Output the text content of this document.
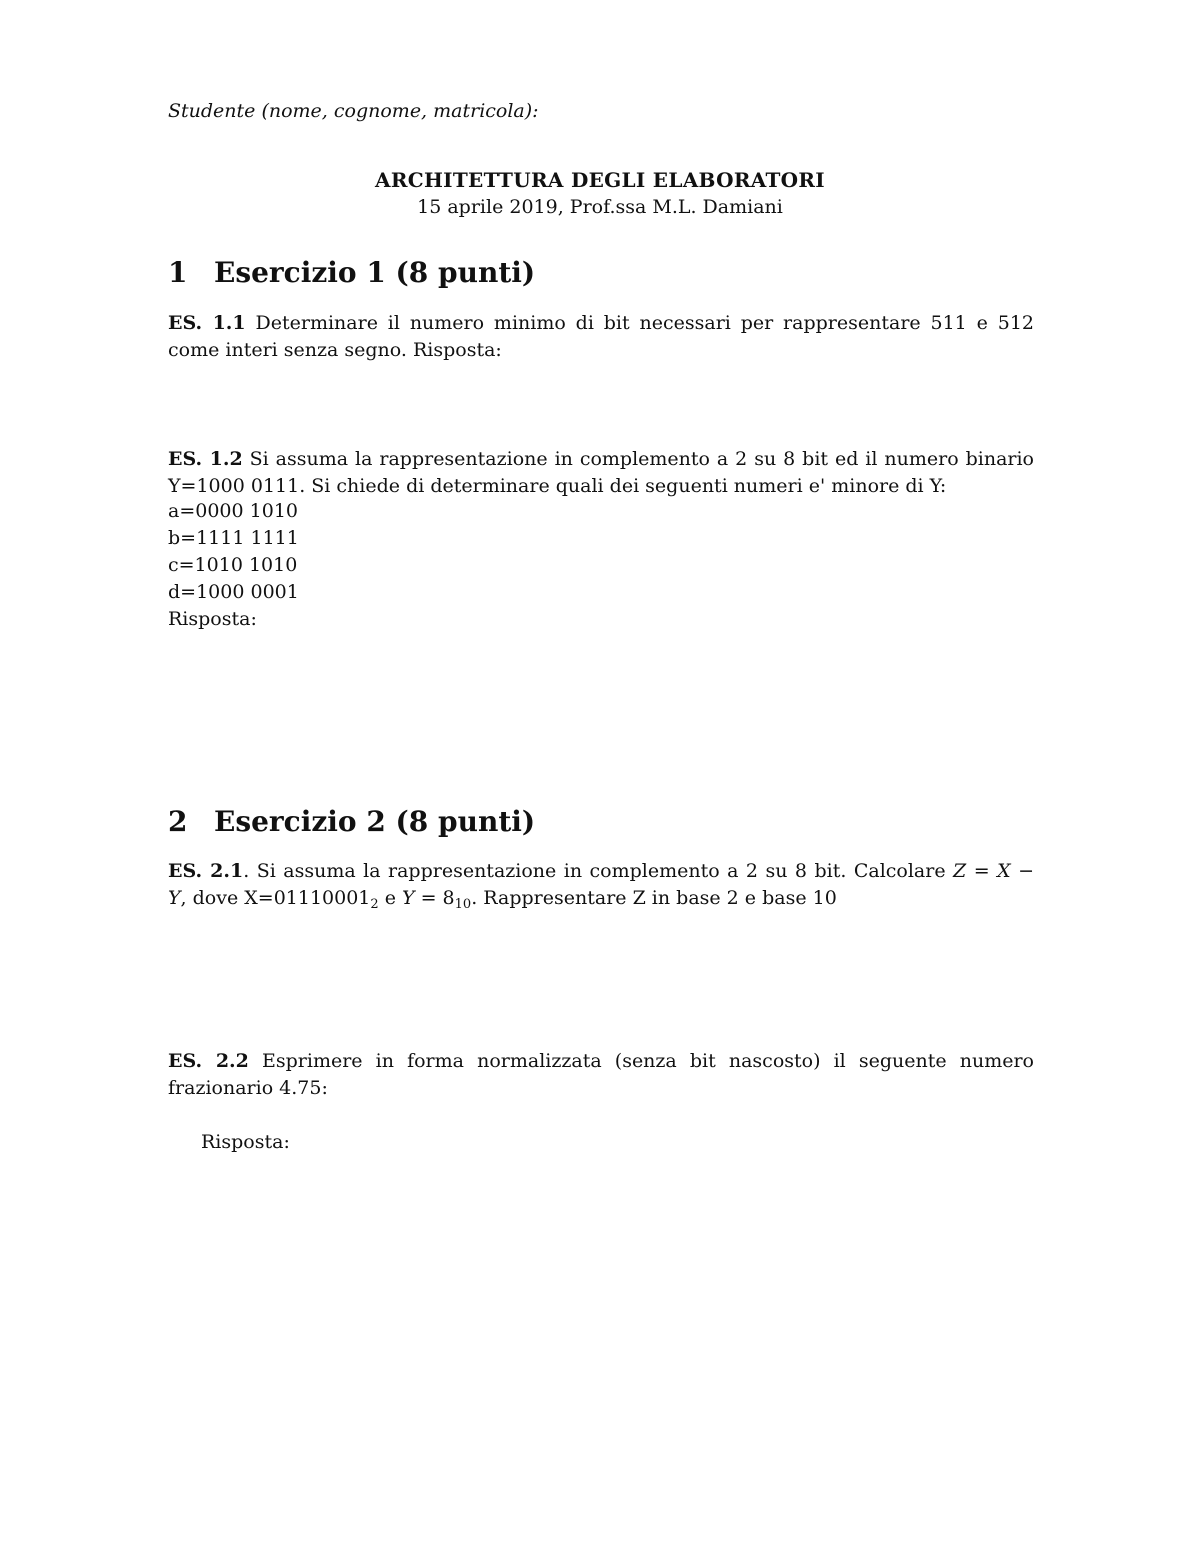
Studente (nome, cognome, matricola):
ARCHITETTURA DEGLI ELABORATORI
15 aprile 2019, Prof.ssa M.L. Damiani
1 Esercizio 1 (8 punti)
ES. 1.1 Determinare il numero minimo di bit necessari per rappresentare 511 e 512 come interi senza segno. Risposta:
ES. 1.2 Si assuma la rappresentazione in complemento a 2 su 8 bit ed il numero binario Y=1000 0111. Si chiede di determinare quali dei seguenti numeri e' minore di Y:
a=0000 1010
b=1111 1111
c=1010 1010
d=1000 0001
Risposta:
2 Esercizio 2 (8 punti)
ES. 2.1. Si assuma la rappresentazione in complemento a 2 su 8 bit. Calcolare Z = X − Y, dove $X=01110001_2$ e $Y = 8_{10}$. Rappresentare Z in base 2 e base 10
ES. 2.2 Esprimere in forma normalizzata (senza bit nascosto) il seguente numero frazionario 4.75:
Risposta:
